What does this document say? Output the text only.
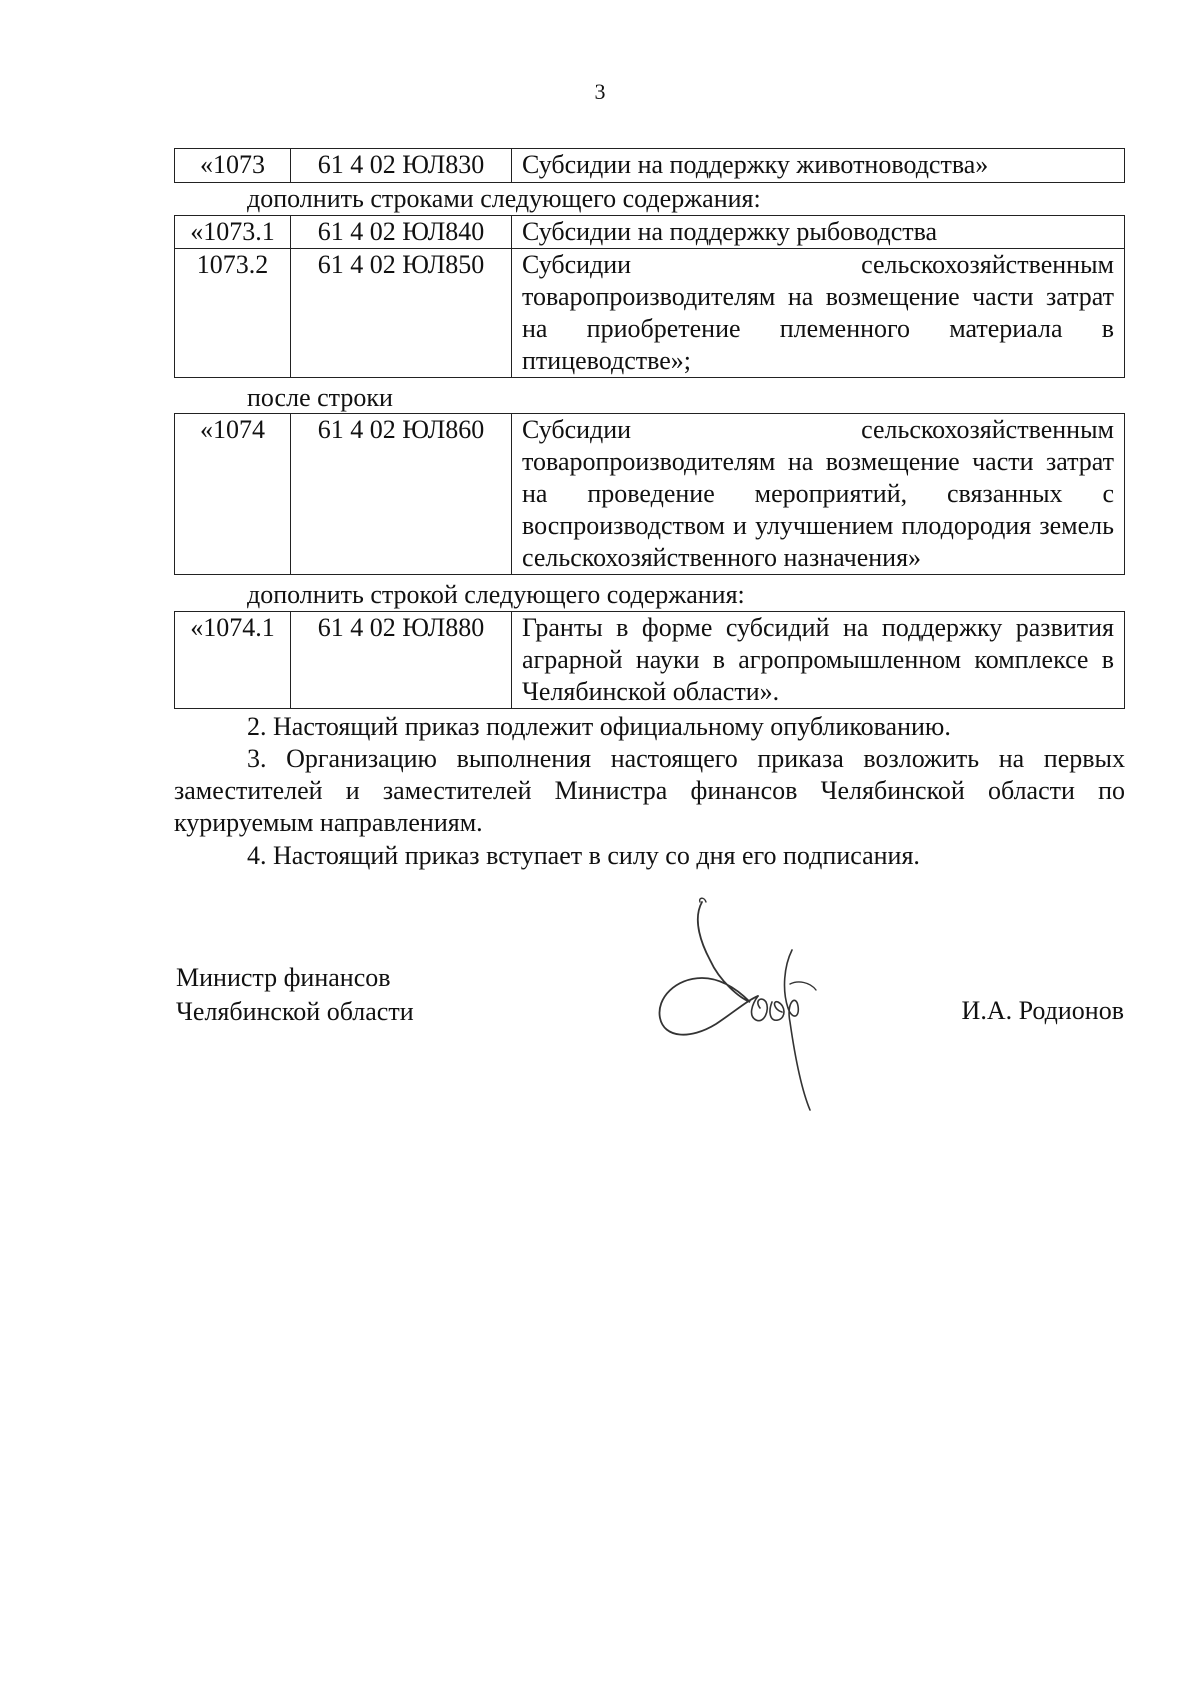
3
«1073	61 4 02 ЮЛ830	Субсидии на поддержку животноводства»
дополнить строками следующего содержания:
«1073.1	61 4 02 ЮЛ840	Субсидии на поддержку рыбоводства

1073.2	61 4 02 ЮЛ850	Субсидии сельскохозяйственным товаропроизводителям на возмещение части затрат на приобретение племенного материала в птицеводстве»;
после строки
«1074	61 4 02 ЮЛ860	Субсидии сельскохозяйственным товаропроизводителям на возмещение части затрат на проведение мероприятий, связанных с воспроизводством и улучшением плодородия земель сельскохозяйственного назначения»
дополнить строкой следующего содержания:
«1074.1	61 4 02 ЮЛ880	Гранты в форме субсидий на поддержку развития аграрной науки в агропромышленном комплексе в Челябинской области».
2. Настоящий приказ подлежит официальному опубликованию.
3. Организацию выполнения настоящего приказа возложить на первых заместителей и заместителей Министра финансов Челябинской области по курируемым направлениям.
4. Настоящий приказ вступает в силу со дня его подписания.
Министр финансов
Челябинской области	И.А. Родионов
